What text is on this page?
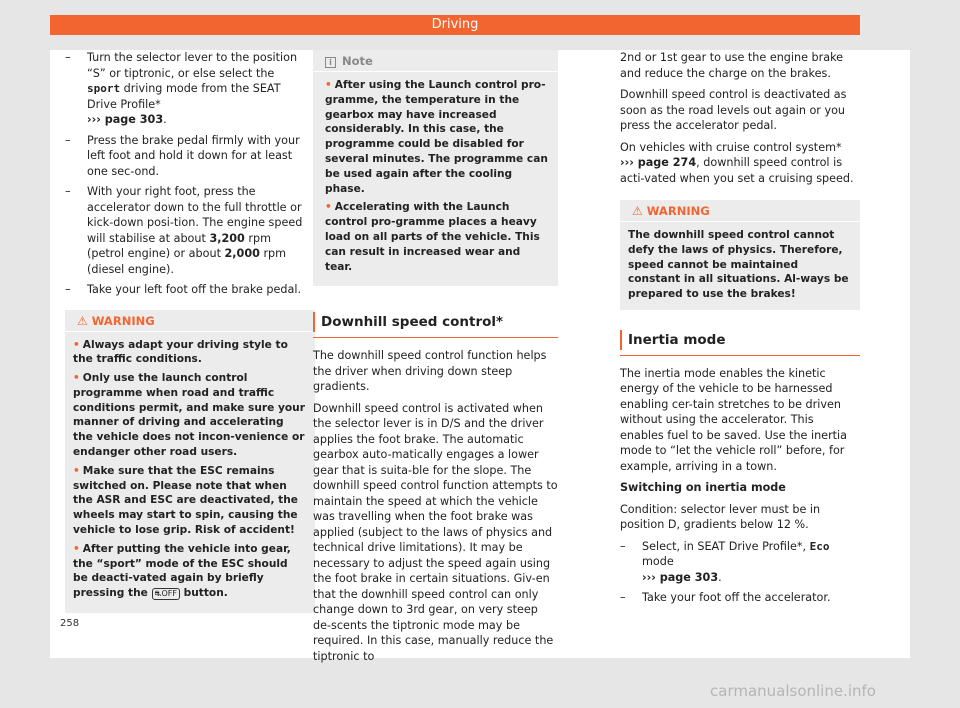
Driving
–	Turn the selector lever to the position “S” or tiptronic, or else select the sport driving mode from the SEAT Drive Profile*
››› page 303.
–	Press the brake pedal firmly with your left foot and hold it down for at least one sec-ond.
–	With your right foot, press the accelerator down to the full throttle or kick-down posi-tion. The engine speed will stabilise at about 3,200 rpm (petrol engine) or about 2,000 rpm (diesel engine).
–	Take your left foot off the brake pedal.
⚠ WARNING
• Always adapt your driving style to the traffic conditions.
• Only use the launch control programme when road and traffic conditions permit, and make sure your manner of driving and accelerating the vehicle does not incon-venience or endanger other road users.
• Make sure that the ESC remains switched on. Please note that when the ASR and ESC are deactivated, the wheels may start to spin, causing the vehicle to lose grip. Risk of accident!
• After putting the vehicle into gear, the “sport” mode of the ESC should be deacti-vated again by briefly pressing the ⛐OFF button.
i Note
• After using the Launch control pro-gramme, the temperature in the gearbox may have increased considerably. In this case, the programme could be disabled for several minutes. The programme can be used again after the cooling phase.
• Accelerating with the Launch control pro-gramme places a heavy load on all parts of the vehicle. This can result in increased wear and tear.
Downhill speed control*
The downhill speed control function helps the driver when driving down steep gradients.
Downhill speed control is activated when the selector lever is in D/S and the driver applies the foot brake. The automatic gearbox auto-matically engages a lower gear that is suita-ble for the slope. The downhill speed control function attempts to maintain the speed at which the vehicle was travelling when the foot brake was applied (subject to the laws of physics and technical drive limitations). It may be necessary to adjust the speed again using the foot brake in certain situations. Giv-en that the downhill speed control can only change down to 3rd gear, on very steep de-scents the tiptronic mode may be required. In this case, manually reduce the tiptronic to
2nd or 1st gear to use the engine brake and reduce the charge on the brakes.
Downhill speed control is deactivated as soon as the road levels out again or you press the accelerator pedal.
On vehicles with cruise control system*
››› page 274, downhill speed control is acti-vated when you set a cruising speed.
⚠ WARNING
The downhill speed control cannot defy the laws of physics. Therefore, speed cannot be maintained constant in all situations. Al-ways be prepared to use the brakes!
Inertia mode
The inertia mode enables the kinetic energy of the vehicle to be harnessed enabling cer-tain stretches to be driven without using the accelerator. This enables fuel to be saved. Use the inertia mode to “let the vehicle roll” before, for example, arriving in a town.
Switching on inertia mode
Condition: selector lever must be in position D, gradients below 12 %.
–	Select, in SEAT Drive Profile*, Eco mode
››› page 303.
–	Take your foot off the accelerator.
258
carmanualsonline.info
